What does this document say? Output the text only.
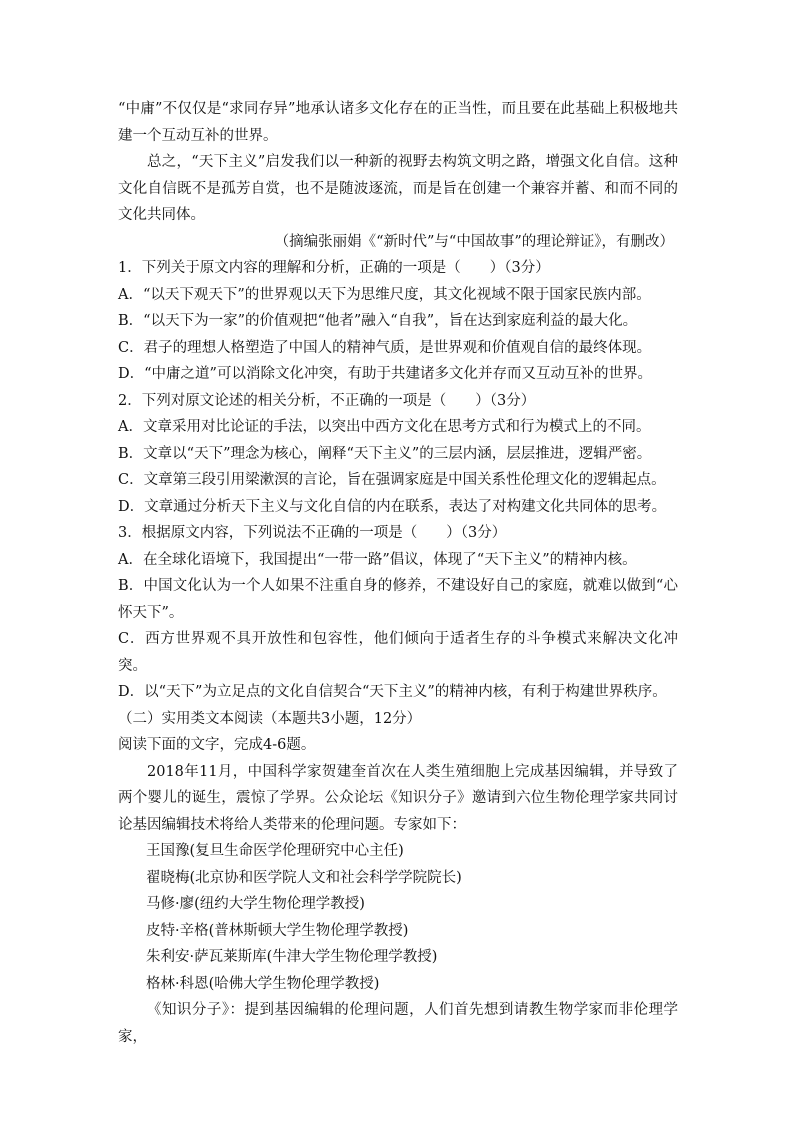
“中庸”不仅仅是“求同存异”地承认诸多文化存在的正当性，而且要在此基础上积极地共建一个互动互补的世界。

总之，“天下主义”启发我们以一种新的视野去构筑文明之路，增强文化自信。这种文化自信既不是孤芳自赏，也不是随波逐流，而是旨在创建一个兼容并蓄、和而不同的文化共同体。

（摘编张丽娟《“新时代”与“中国故事”的理论辩证》，有删改）

1．下列关于原文内容的理解和分析，正确的一项是（　　）（3分）

A．“以天下观天下”的世界观以天下为思维尺度，其文化视域不限于国家民族内部。

B．“以天下为一家”的价值观把“他者”融入“自我”，旨在达到家庭利益的最大化。

C．君子的理想人格塑造了中国人的精神气质，是世界观和价值观自信的最终体现。

D．“中庸之道”可以消除文化冲突，有助于共建诸多文化并存而又互动互补的世界。

2．下列对原文论述的相关分析，不正确的一项是（　　）（3分）

A．文章采用对比论证的手法，以突出中西方文化在思考方式和行为模式上的不同。

B．文章以“天下”理念为核心，阐释“天下主义”的三层内涵，层层推进，逻辑严密。

C．文章第三段引用梁漱溟的言论，旨在强调家庭是中国关系性伦理文化的逻辑起点。

D．文章通过分析天下主义与文化自信的内在联系，表达了对构建文化共同体的思考。

3．根据原文内容，下列说法不正确的一项是（　　）（3分）

A．在全球化语境下，我国提出“一带一路”倡议，体现了“天下主义”的精神内核。

B．中国文化认为一个人如果不注重自身的修养，不建设好自己的家庭，就难以做到“心怀天下”。

C．西方世界观不具开放性和包容性，他们倾向于适者生存的斗争模式来解决文化冲突。

D．以“天下”为立足点的文化自信契合“天下主义”的精神内核，有利于构建世界秩序。

（二）实用类文本阅读（本题共3小题，12分）

阅读下面的文字，完成4-6题。

2018年11月，中国科学家贺建奎首次在人类生殖细胞上完成基因编辑，并导致了两个婴儿的诞生，震惊了学界。公众论坛《知识分子》邀请到六位生物伦理学家共同讨论基因编辑技术将给人类带来的伦理问题。专家如下：

王国豫(复旦生命医学伦理研究中心主任)

翟晓梅(北京协和医学院人文和社会科学学院院长)

马修·廖(纽约大学生物伦理学教授)

皮特·辛格(普林斯顿大学生物伦理学教授)

朱利安·萨瓦莱斯库(牛津大学生物伦理学教授)

格林·科恩(哈佛大学生物伦理学教授)

《知识分子》：提到基因编辑的伦理问题，人们首先想到请教生物学家而非伦理学家，
